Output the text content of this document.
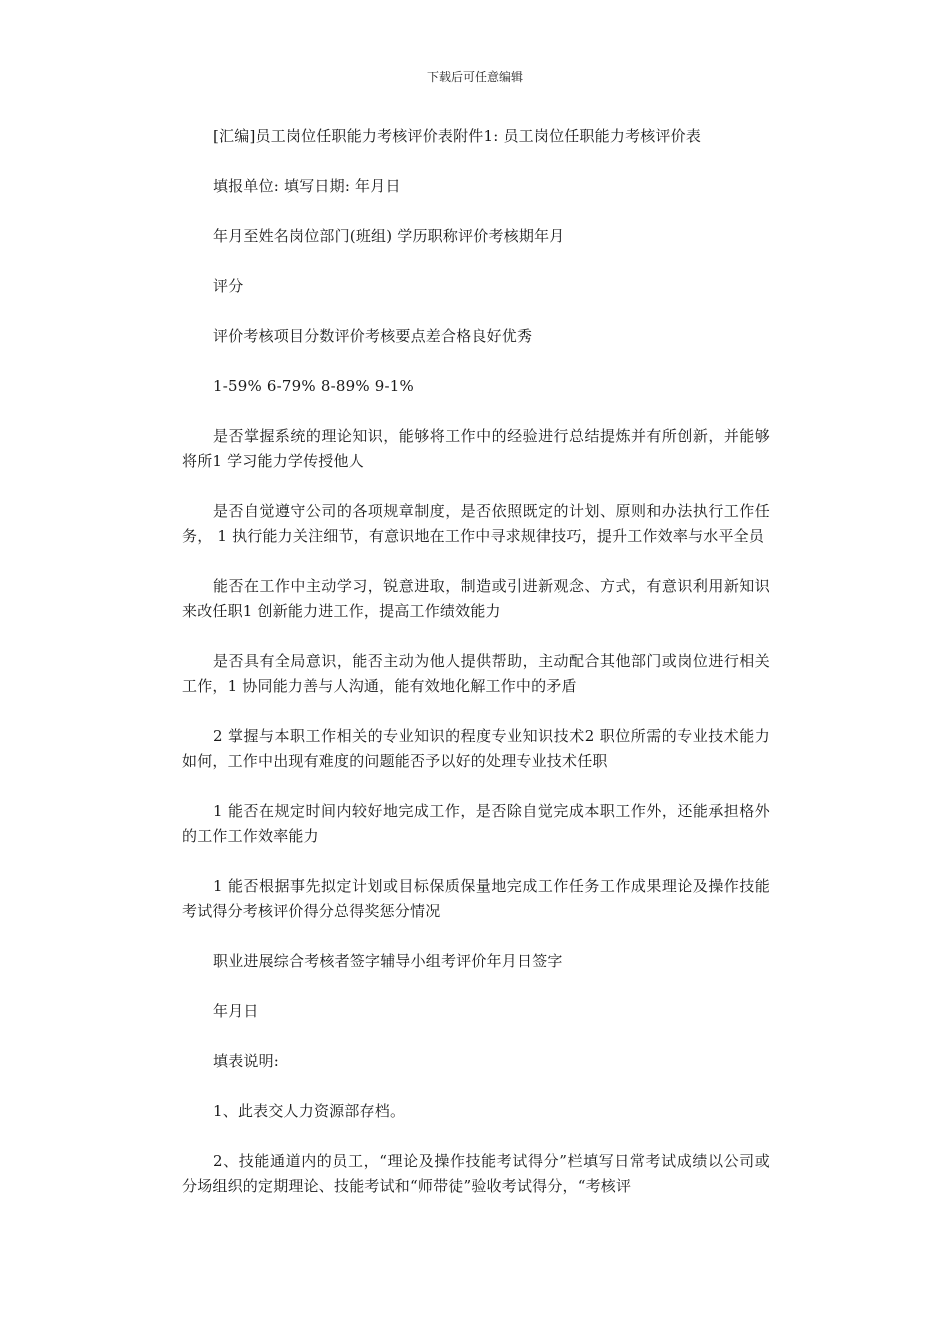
下载后可任意编辑

[汇编]员工岗位任职能力考核评价表附件1: 员工岗位任职能力考核评价表

填报单位: 填写日期: 年月日

年月至姓名岗位部门(班组) 学历职称评价考核期年月

评分

评价考核项目分数评价考核要点差合格良好优秀

1-59% 6-79% 8-89% 9-1%

是否掌握系统的理论知识，能够将工作中的经验进行总结提炼并有所创新，并能够将所1 学习能力学传授他人

是否自觉遵守公司的各项规章制度，是否依照既定的计划、原则和办法执行工作任务， 1 执行能力关注细节，有意识地在工作中寻求规律技巧，提升工作效率与水平全员

能否在工作中主动学习，锐意进取，制造或引进新观念、方式，有意识利用新知识来改任职1 创新能力进工作，提高工作绩效能力

是否具有全局意识，能否主动为他人提供帮助，主动配合其他部门或岗位进行相关工作，1 协同能力善与人沟通，能有效地化解工作中的矛盾

2 掌握与本职工作相关的专业知识的程度专业知识技术2 职位所需的专业技术能力如何，工作中出现有难度的问题能否予以好的处理专业技术任职

1 能否在规定时间内较好地完成工作，是否除自觉完成本职工作外，还能承担格外的工作工作效率能力

1 能否根据事先拟定计划或目标保质保量地完成工作任务工作成果理论及操作技能考试得分考核评价得分总得奖惩分情况

职业进展综合考核者签字辅导小组考评价年月日签字

年月日

填表说明:

1、此表交人力资源部存档。

2、技能通道内的员工，“理论及操作技能考试得分”栏填写日常考试成绩以公司或分场组织的定期理论、技能考试和“师带徒”验收考试得分，“考核评
